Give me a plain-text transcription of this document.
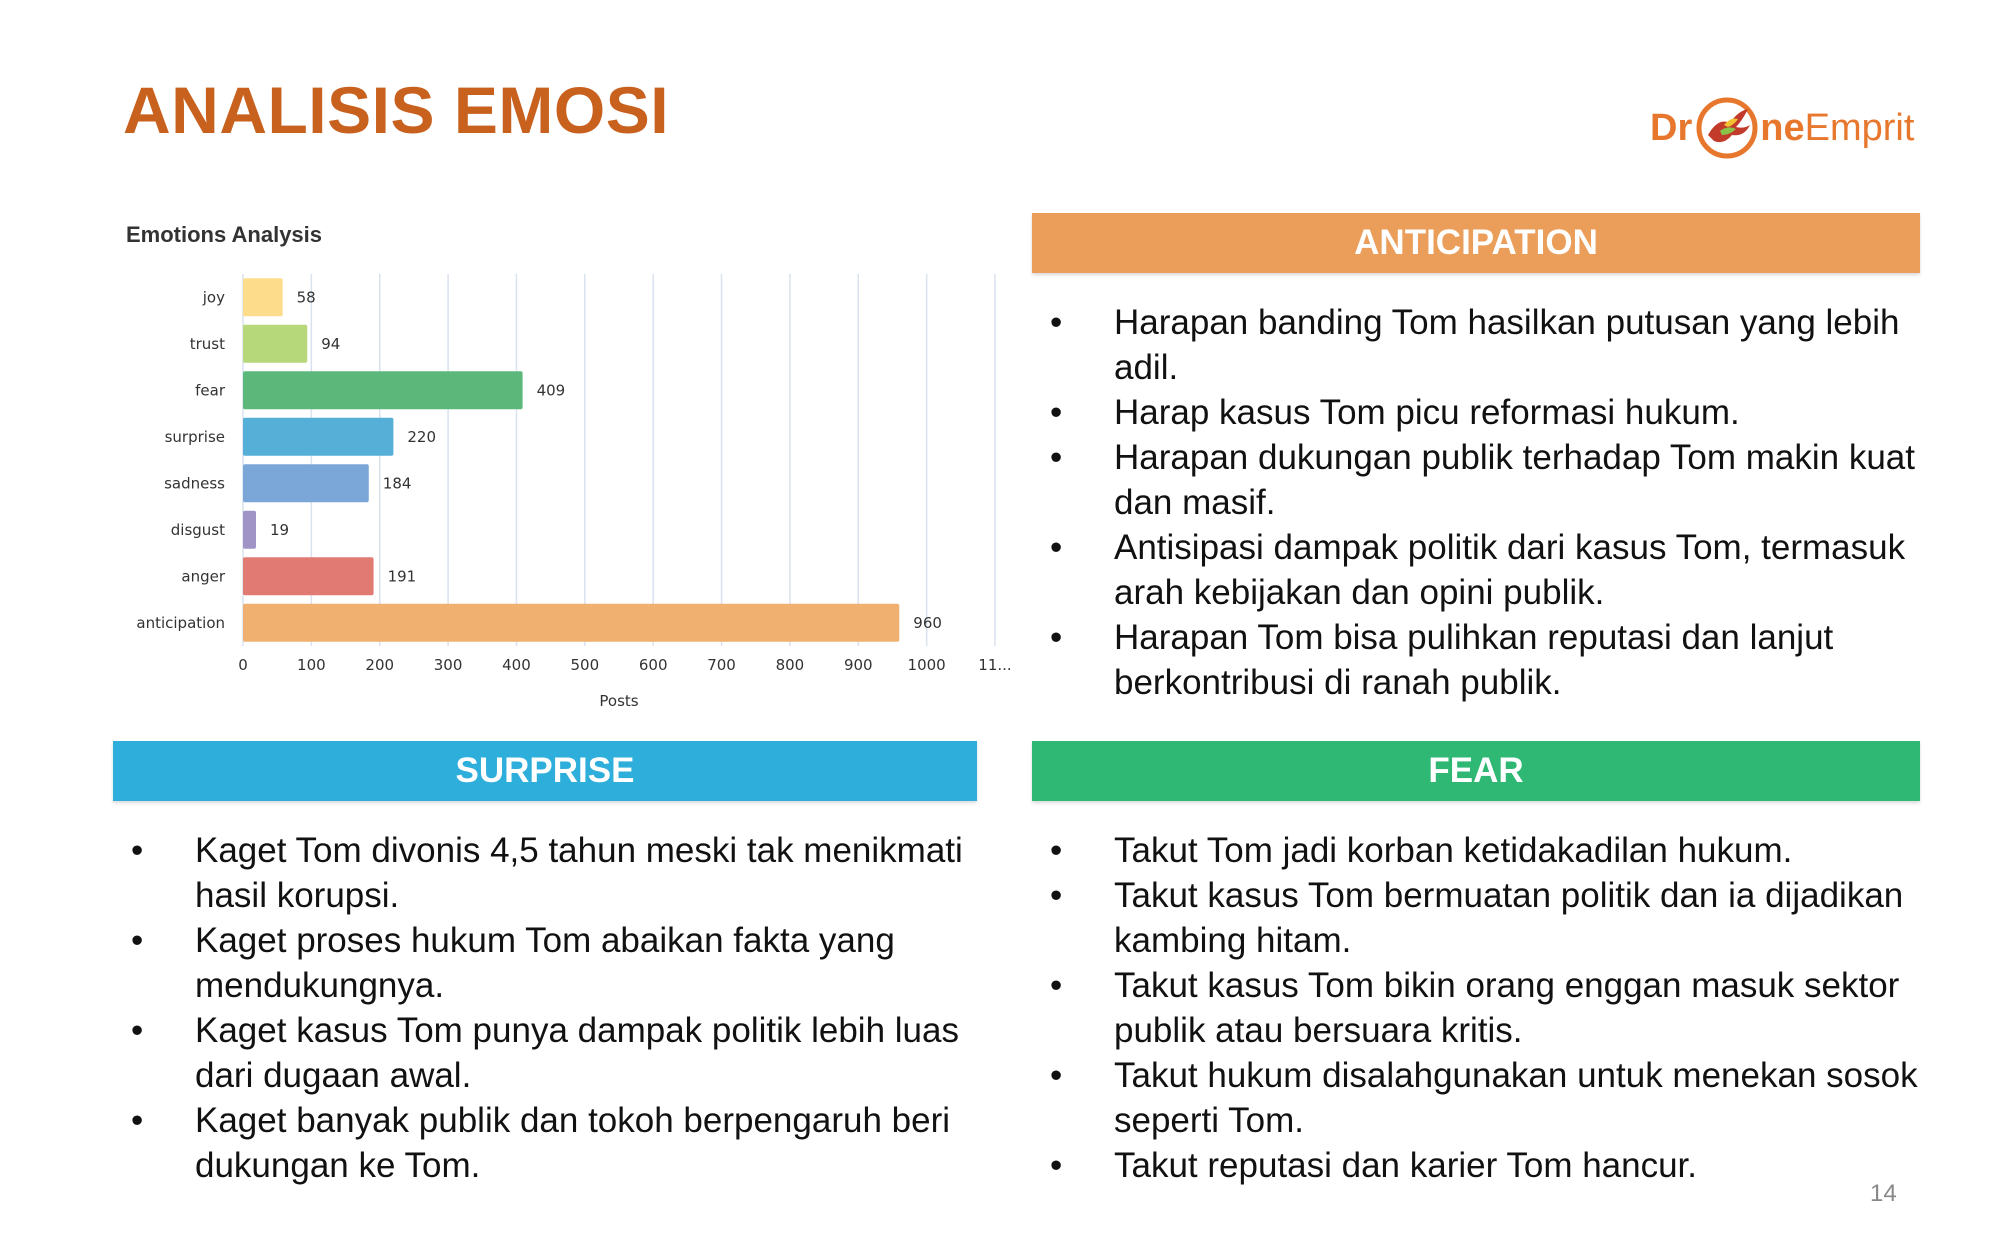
ANALISIS EMOSI	Dr ne Emprit
Emotions Analysis
0	100	200	300	400	500	600	700	800	900 1000 11...
Posts
joy	58
trust	94
fear	409
surprise	220
sadness	184
disgust	19
anger	191
anticipation	960
ANTICIPATION
• Harapan banding Tom hasilkan putusan yang lebih adil.
• Harap kasus Tom picu reformasi hukum.
• Harapan dukungan publik terhadap Tom makin kuat dan masif.
• Antisipasi dampak politik dari kasus Tom, termasuk arah kebijakan dan opini publik.
• Harapan Tom bisa pulihkan reputasi dan lanjut berkontribusi di ranah publik.
SURPRISE
• Kaget Tom divonis 4,5 tahun meski tak menikmati hasil korupsi.
• Kaget proses hukum Tom abaikan fakta yang mendukungnya.
• Kaget kasus Tom punya dampak politik lebih luas dari dugaan awal.
• Kaget banyak publik dan tokoh berpengaruh beri dukungan ke Tom.
FEAR
• Takut Tom jadi korban ketidakadilan hukum.
• Takut kasus Tom bermuatan politik dan ia dijadikan kambing hitam.
• Takut kasus Tom bikin orang enggan masuk sektor publik atau bersuara kritis.
• Takut hukum disalahgunakan untuk menekan sosok seperti Tom.
• Takut reputasi dan karier Tom hancur.
14
